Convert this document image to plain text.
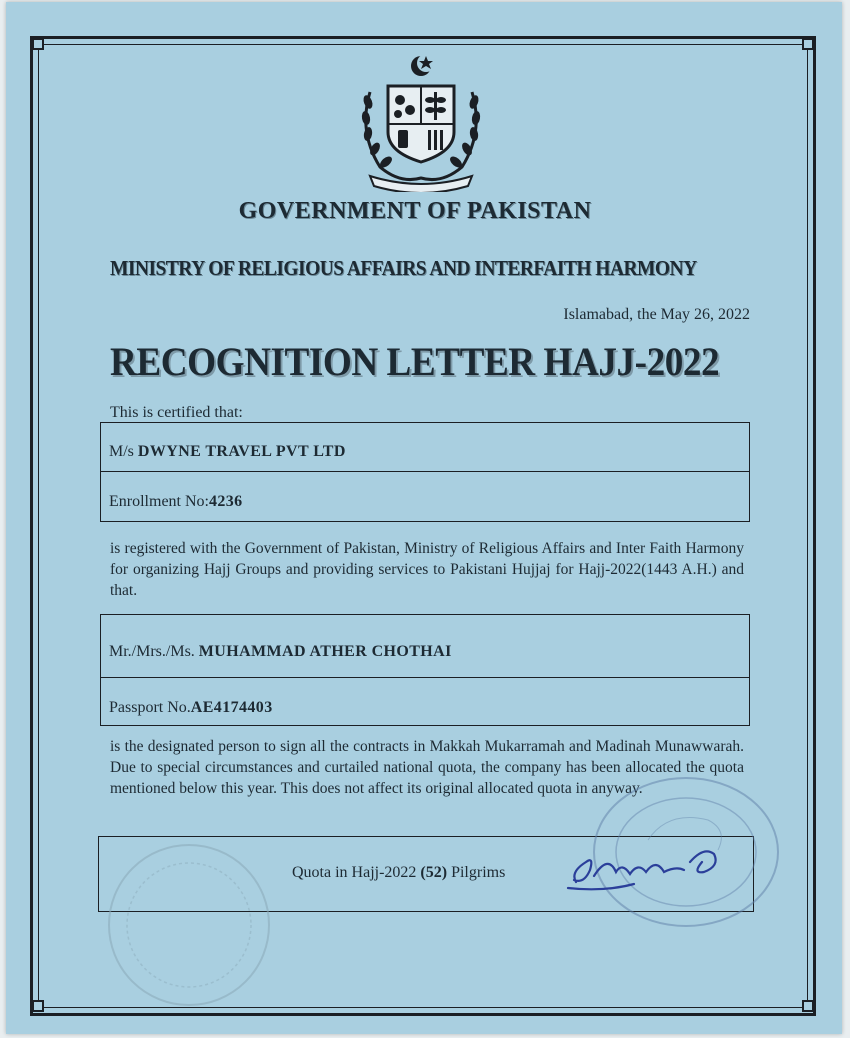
GOVERNMENT OF PAKISTAN
MINISTRY OF RELIGIOUS AFFAIRS AND INTERFAITH HARMONY
Islamabad, the May 26, 2022
RECOGNITION LETTER HAJJ-2022
This is certified that:
M/s DWYNE TRAVEL PVT LTD
Enrollment No:4236
is registered with the Government of Pakistan, Ministry of Religious Affairs and Inter Faith Harmony for organizing Hajj Groups and providing services to Pakistani Hujjaj for Hajj-2022(1443 A.H.) and that.
Mr./Mrs./Ms. MUHAMMAD ATHER CHOTHAI
Passport No.AE4174403
is the designated person to sign all the contracts in Makkah Mukarramah and Madinah Munawwarah. Due to special circumstances and curtailed national quota, the company has been allocated the quota mentioned below this year. This does not affect its original allocated quota in anyway.
Quota in Hajj-2022 (52) Pilgrims
